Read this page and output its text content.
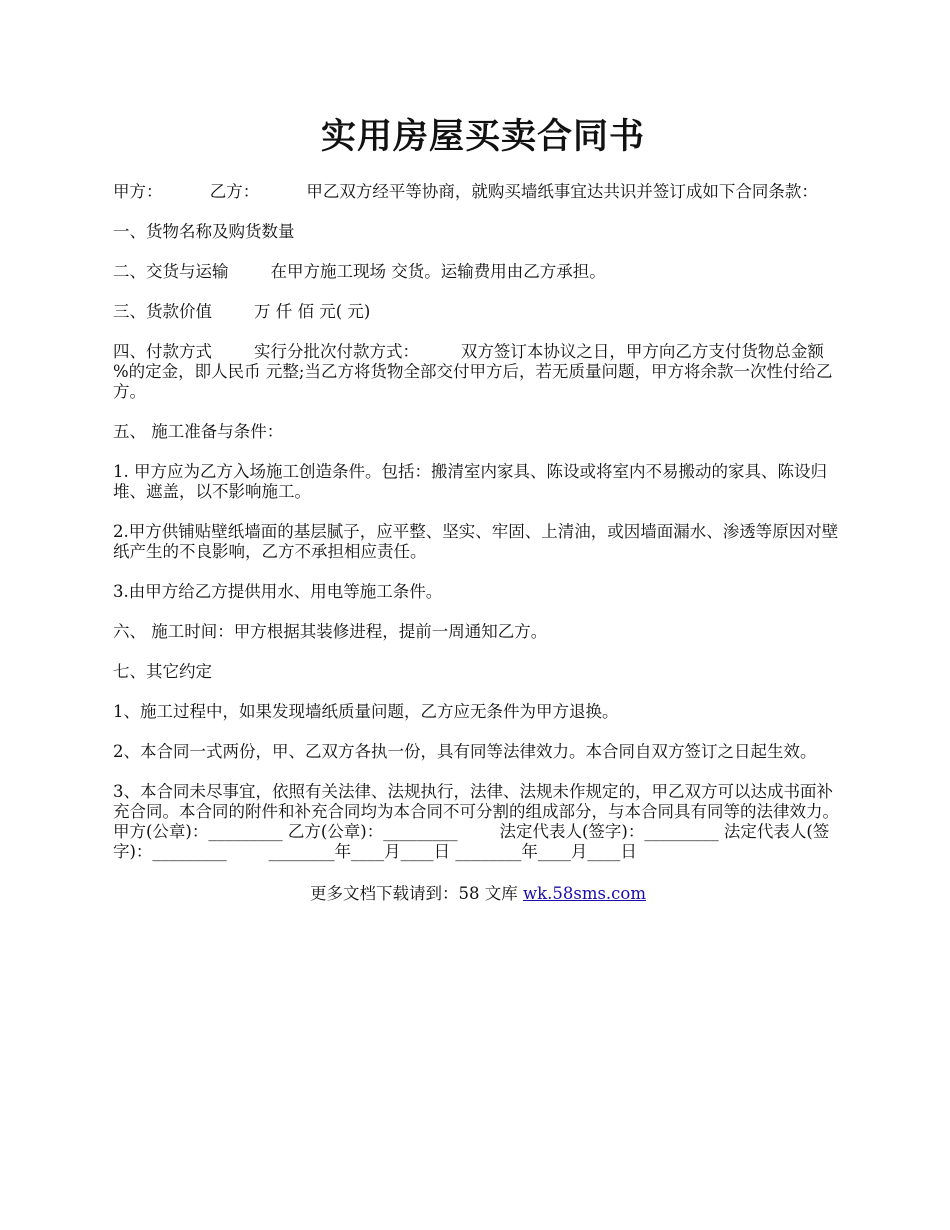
实用房屋买卖合同书

甲方：         乙方：         甲乙双方经平等协商，就购买墙纸事宜达共识并签订成如下合同条款：

一、货物名称及购货数量

二、交货与运输        在甲方施工现场 交货。运输费用由乙方承担。

三、货款价值        万 仟 佰 元( 元)

四、付款方式        实行分批次付款方式：        双方签订本协议之日，甲方向乙方支付货物总金额 %的定金，即人民币 元整;当乙方将货物全部交付甲方后，若无质量问题，甲方将余款一次性付给乙方。

五、 施工准备与条件：

1. 甲方应为乙方入场施工创造条件。包括：搬清室内家具、陈设或将室内不易搬动的家具、陈设归堆、遮盖，以不影响施工。

2.甲方供铺贴壁纸墙面的基层腻子，应平整、坚实、牢固、上清油，或因墙面漏水、渗透等原因对壁纸产生的不良影响，乙方不承担相应责任。

3.由甲方给乙方提供用水、用电等施工条件。

六、 施工时间：甲方根据其装修进程，提前一周通知乙方。

七、其它约定

1、施工过程中，如果发现墙纸质量问题，乙方应无条件为甲方退换。

2、本合同一式两份，甲、乙双方各执一份，具有同等法律效力。本合同自双方签订之日起生效。

3、本合同未尽事宜，依照有关法律、法规执行，法律、法规未作规定的，甲乙双方可以达成书面补充合同。本合同的附件和补充合同均为本合同不可分割的组成部分，与本合同具有同等的法律效力。        甲方(公章)：_________ 乙方(公章)：_________        法定代表人(签字)：_________ 法定代表人(签字)：_________        ________年____月____日 ________年____月____日

更多文档下载请到：58 文库 wk.58sms.com
